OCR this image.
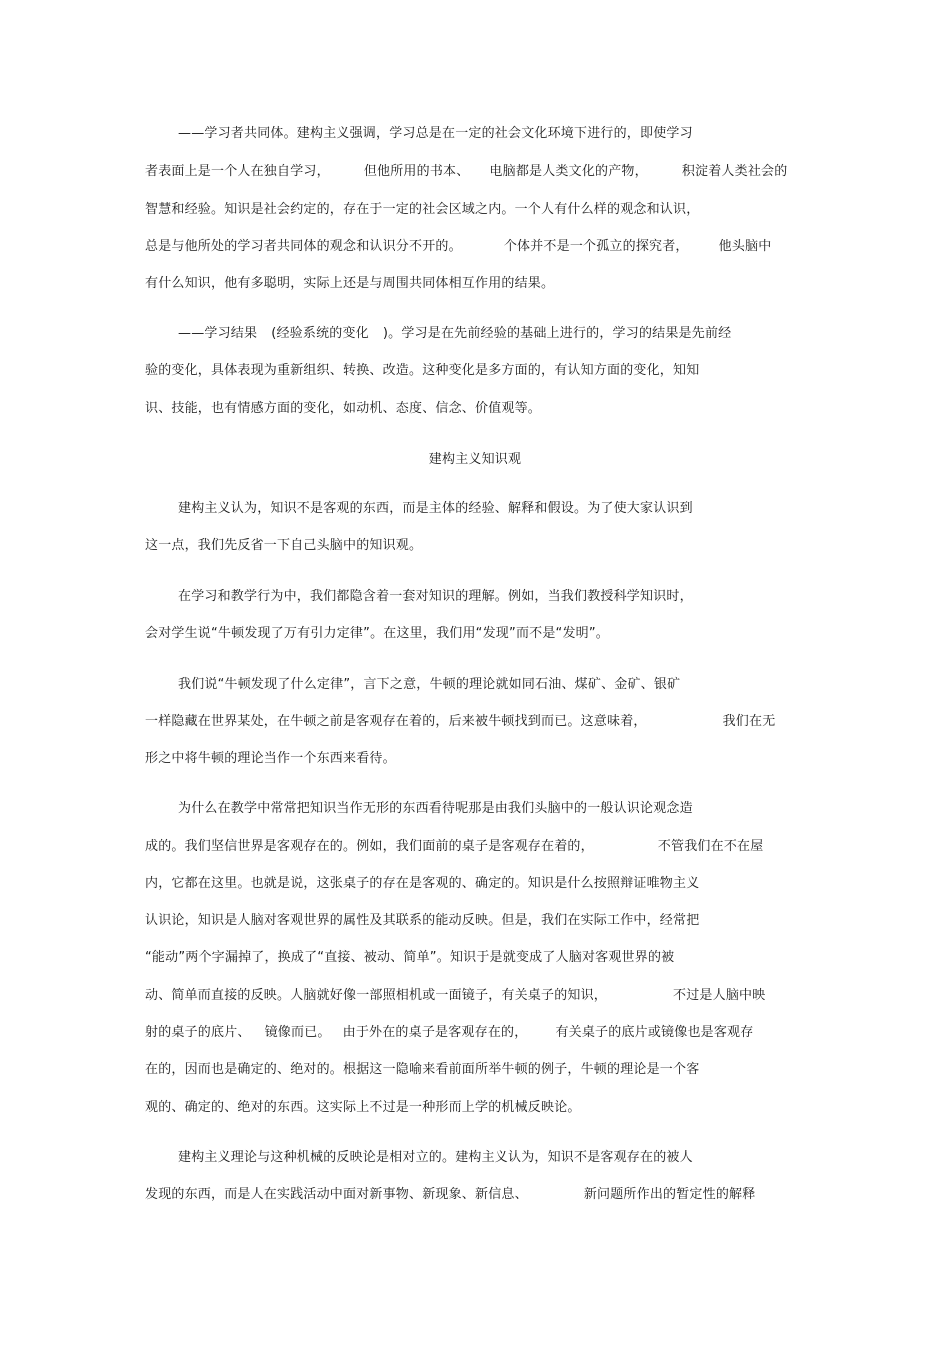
——学习者共同体。建构主义强调，学习总是在一定的社会文化环境下进行的，即使学习
者表面上是一个人在独自学习，	但他所用的书本、 电脑都是人类文化的产物，	积淀着人类社会的
智慧和经验。知识是社会约定的，存在于一定的社会区域之内。一个人有什么样的观念和认识，
总是与他所处的学习者共同体的观念和认识分不开的。	个体并不是一个孤立的探究者， 他头脑中
有什么知识，他有多聪明，实际上还是与周围共同体相互作用的结果。
——学习结果 (经验系统的变化 )。学习是在先前经验的基础上进行的，学习的结果是先前经
验的变化，具体表现为重新组织、转换、改造。这种变化是多方面的，有认知方面的变化，知知
识、技能，也有情感方面的变化，如动机、态度、信念、价值观等。
建构主义知识观
建构主义认为，知识不是客观的东西，而是主体的经验、解释和假设。为了使大家认识到
这一点，我们先反省一下自己头脑中的知识观。
在学习和教学行为中，我们都隐含着一套对知识的理解。例如，当我们教授科学知识时，
会对学生说“牛顿发现了万有引力定律”。在这里，我们用“发现”而不是“发明”。
我们说“牛顿发现了什么定律”，言下之意，牛顿的理论就如同石油、煤矿、金矿、银矿
一样隐藏在世界某处，在牛顿之前是客观存在着的，后来被牛顿找到而已。这意味着，	我们在无
形之中将牛顿的理论当作一个东西来看待。
为什么在教学中常常把知识当作无形的东西看待呢那是由我们头脑中的一般认识论观念造
成的。我们坚信世界是客观存在的。例如，我们面前的桌子是客观存在着的，	不管我们在不在屋
内，它都在这里。也就是说，这张桌子的存在是客观的、确定的。知识是什么按照辩证唯物主义
认识论，知识是人脑对客观世界的属性及其联系的能动反映。但是，我们在实际工作中，经常把
“能动”两个字漏掉了，换成了“直接、被动、简单”。知识于是就变成了人脑对客观世界的被
动、简单而直接的反映。人脑就好像一部照相机或一面镜子，有关桌子的知识，	不过是人脑中映
射的桌子的底片、 镜像而已。 由于外在的桌子是客观存在的， 有关桌子的底片或镜像也是客观存
在的，因而也是确定的、绝对的。根据这一隐喻来看前面所举牛顿的例子，牛顿的理论是一个客
观的、确定的、绝对的东西。这实际上不过是一种形而上学的机械反映论。
建构主义理论与这种机械的反映论是相对立的。建构主义认为，知识不是客观存在的被人
发现的东西，而是人在实践活动中面对新事物、新现象、新信息、	新问题所作出的暂定性的解释
